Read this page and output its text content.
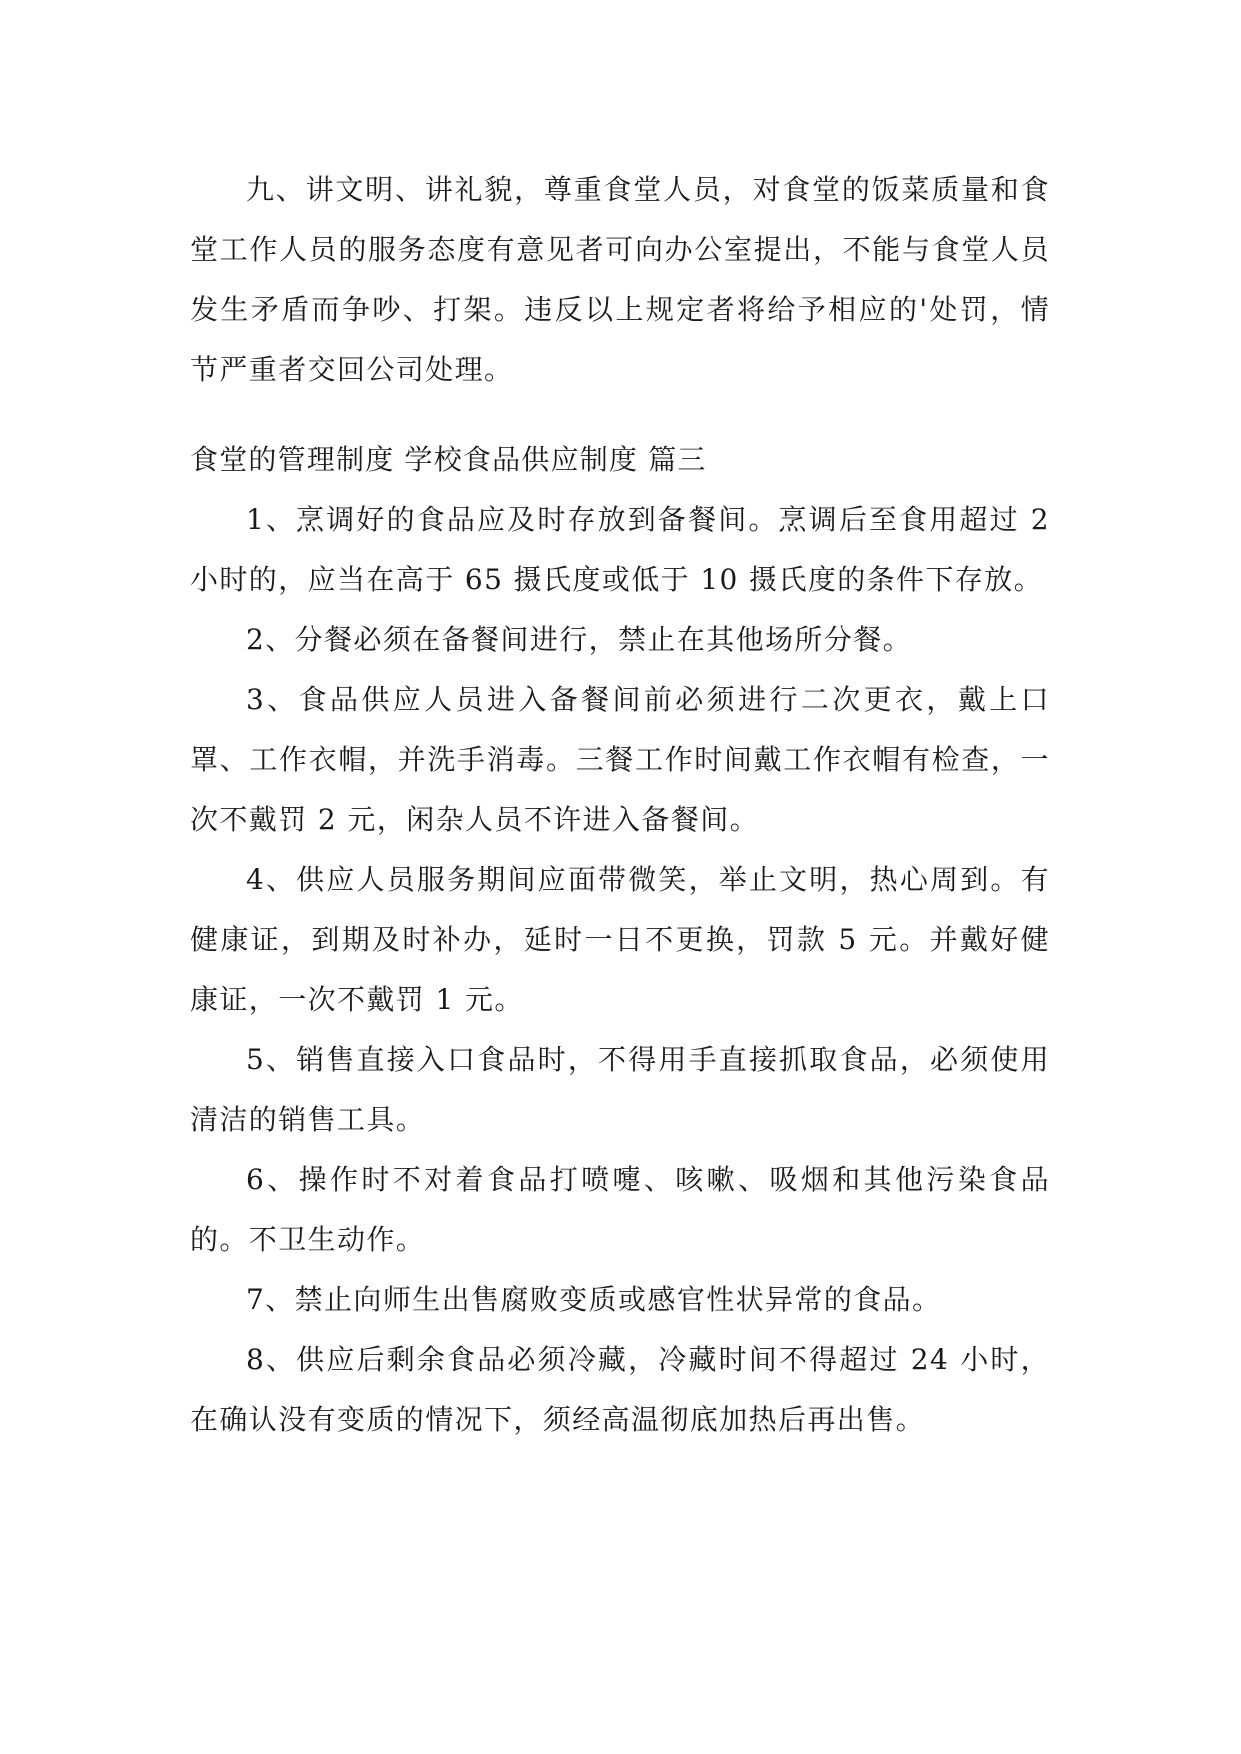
九、讲文明、讲礼貌，尊重食堂人员，对食堂的饭菜质量和食堂工作人员的服务态度有意见者可向办公室提出，不能与食堂人员发生矛盾而争吵、打架。违反以上规定者将给予相应的'处罚，情节严重者交回公司处理。

食堂的管理制度 学校食品供应制度 篇三

1、烹调好的食品应及时存放到备餐间。烹调后至食用超过 2 小时的，应当在高于 65 摄氏度或低于 10 摄氏度的条件下存放。

2、分餐必须在备餐间进行，禁止在其他场所分餐。

3、食品供应人员进入备餐间前必须进行二次更衣，戴上口罩、工作衣帽，并洗手消毒。三餐工作时间戴工作衣帽有检查，一次不戴罚 2 元，闲杂人员不许进入备餐间。

4、供应人员服务期间应面带微笑，举止文明，热心周到。有健康证，到期及时补办，延时一日不更换，罚款 5 元。并戴好健康证，一次不戴罚 1 元。

5、销售直接入口食品时，不得用手直接抓取食品，必须使用清洁的销售工具。

6、操作时不对着食品打喷嚏、咳嗽、吸烟和其他污染食品的。不卫生动作。

7、禁止向师生出售腐败变质或感官性状异常的食品。

8、供应后剩余食品必须冷藏，冷藏时间不得超过 24 小时，在确认没有变质的情况下，须经高温彻底加热后再出售。
